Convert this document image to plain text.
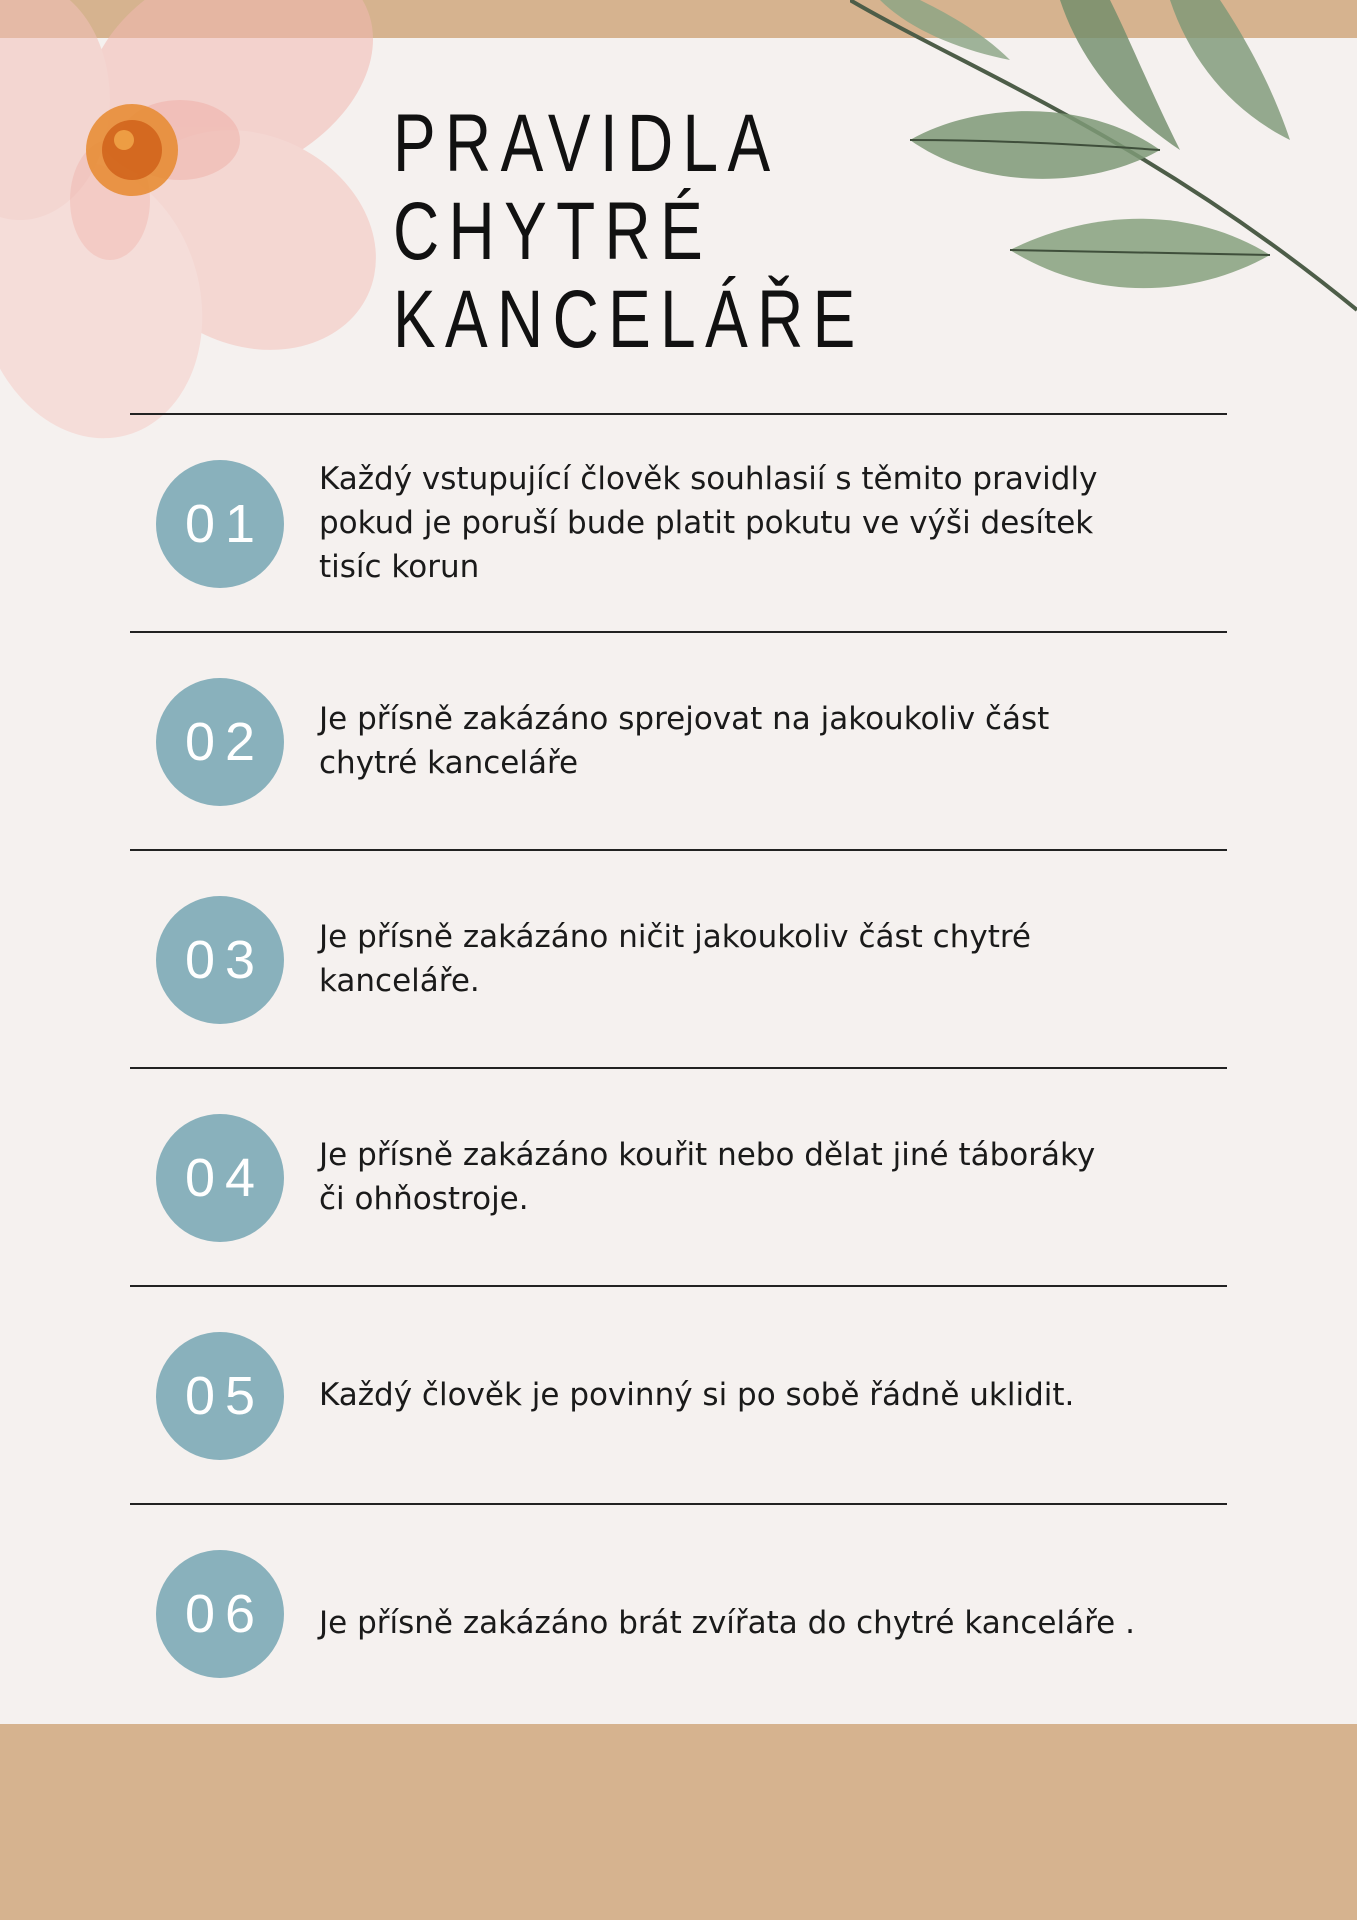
PRAVIDLA
CHYTRÉ
KANCELÁŘE
01
Každý vstupující člověk souhlasií s těmito pravidly
pokud je poruší bude platit pokutu ve výši desítek
tisíc korun
02	Je přísně zakázáno sprejovat na jakoukoliv část
chytré kanceláře
03	Je přísně zakázáno ničit jakoukoliv část chytré
kanceláře.
04	Je přísně zakázáno kouřit nebo dělat jiné táboráky
či ohňostroje.
05	Každý člověk je povinný si po sobě řádně uklidit.
06	Je přísně zakázáno brát zvířata do chytré kanceláře .
